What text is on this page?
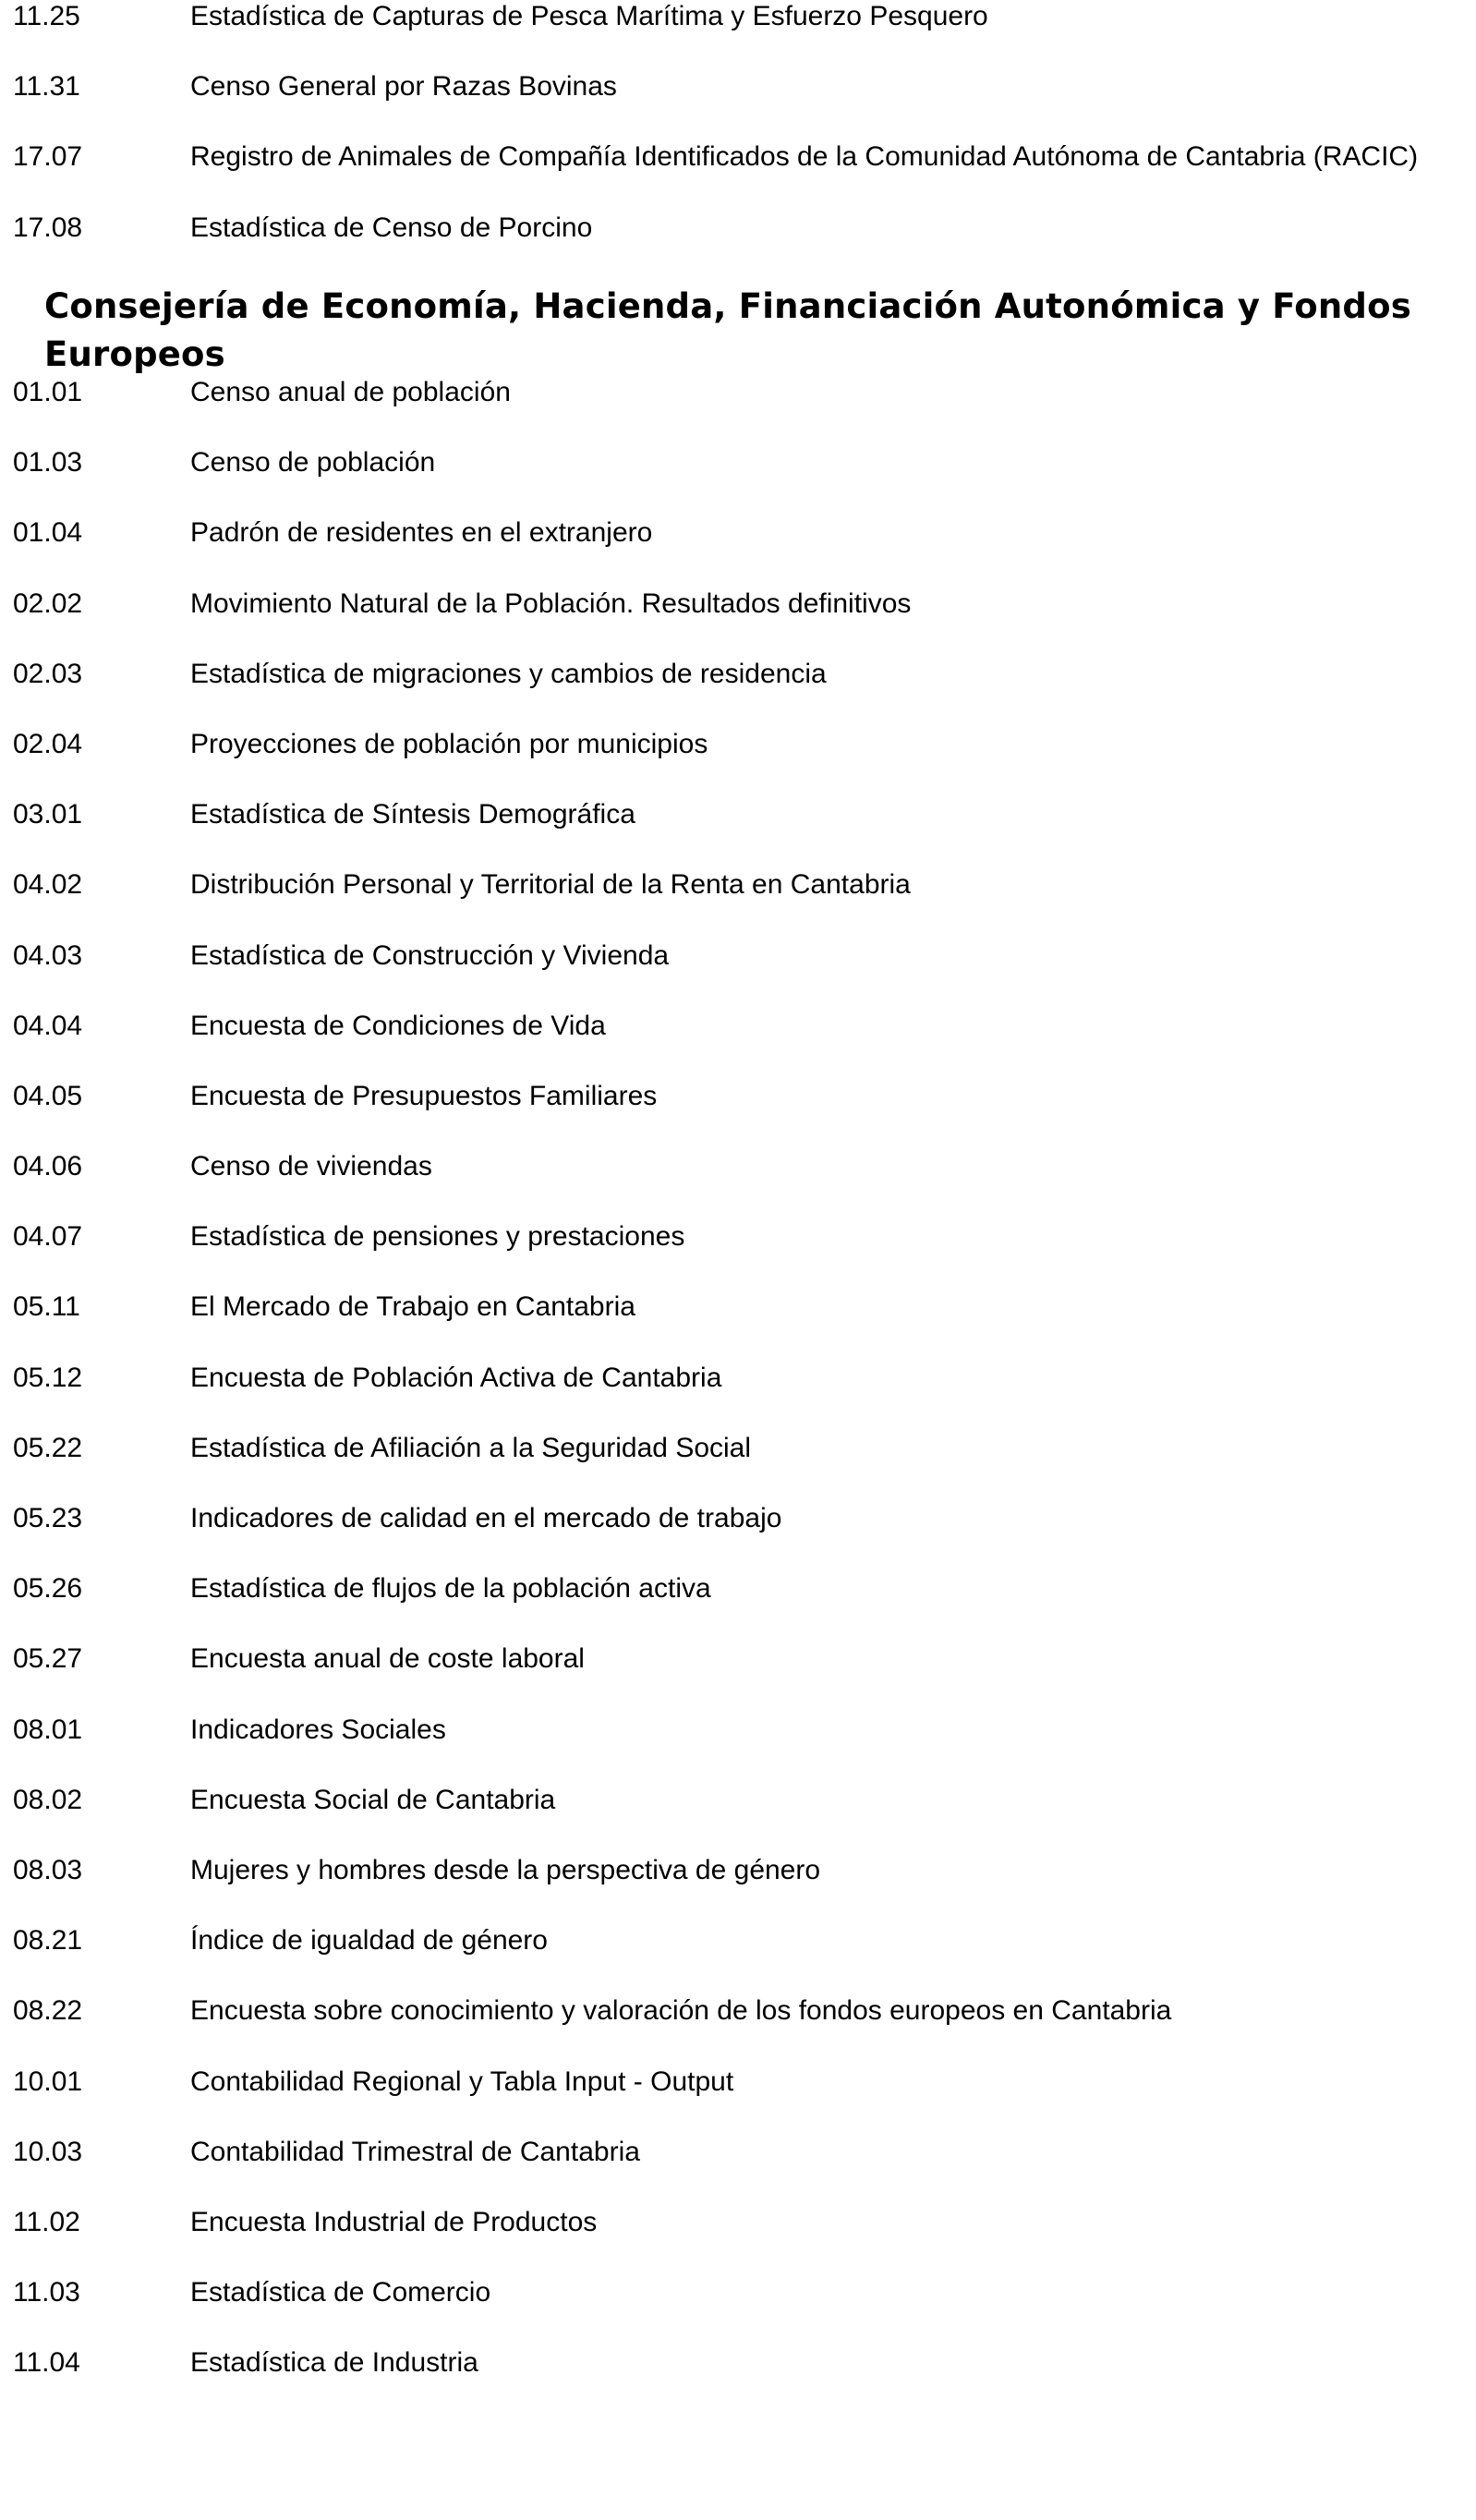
11.25	Estadística de Capturas de Pesca Marítima y Esfuerzo Pesquero
11.31	Censo General por Razas Bovinas
17.07	Registro de Animales de Compañía Identificados de la Comunidad Autónoma de Cantabria (RACIC)
17.08	Estadística de Censo de Porcino
Consejería de Economía, Hacienda, Financiación Autonómica y Fondos Europeos
01.01	Censo anual de población
01.03	Censo de población
01.04	Padrón de residentes en el extranjero
02.02	Movimiento Natural de la Población. Resultados definitivos
02.03	Estadística de migraciones y cambios de residencia
02.04	Proyecciones de población por municipios
03.01	Estadística de Síntesis Demográfica
04.02	Distribución Personal y Territorial de la Renta en Cantabria
04.03	Estadística de Construcción y Vivienda
04.04	Encuesta de Condiciones de Vida
04.05	Encuesta de Presupuestos Familiares
04.06	Censo de viviendas
04.07	Estadística de pensiones y prestaciones
05.11	El Mercado de Trabajo en Cantabria
05.12	Encuesta de Población Activa de Cantabria
05.22	Estadística de Afiliación a la Seguridad Social
05.23	Indicadores de calidad en el mercado de trabajo
05.26	Estadística de flujos de la población activa
05.27	Encuesta anual de coste laboral
08.01	Indicadores Sociales
08.02	Encuesta Social de Cantabria
08.03	Mujeres y hombres desde la perspectiva de género
08.21	Índice de igualdad de género
08.22	Encuesta sobre conocimiento y valoración de los fondos europeos en Cantabria
10.01	Contabilidad Regional y Tabla Input - Output
10.03	Contabilidad Trimestral de Cantabria
11.02	Encuesta Industrial de Productos
11.03	Estadística de Comercio
11.04	Estadística de Industria
